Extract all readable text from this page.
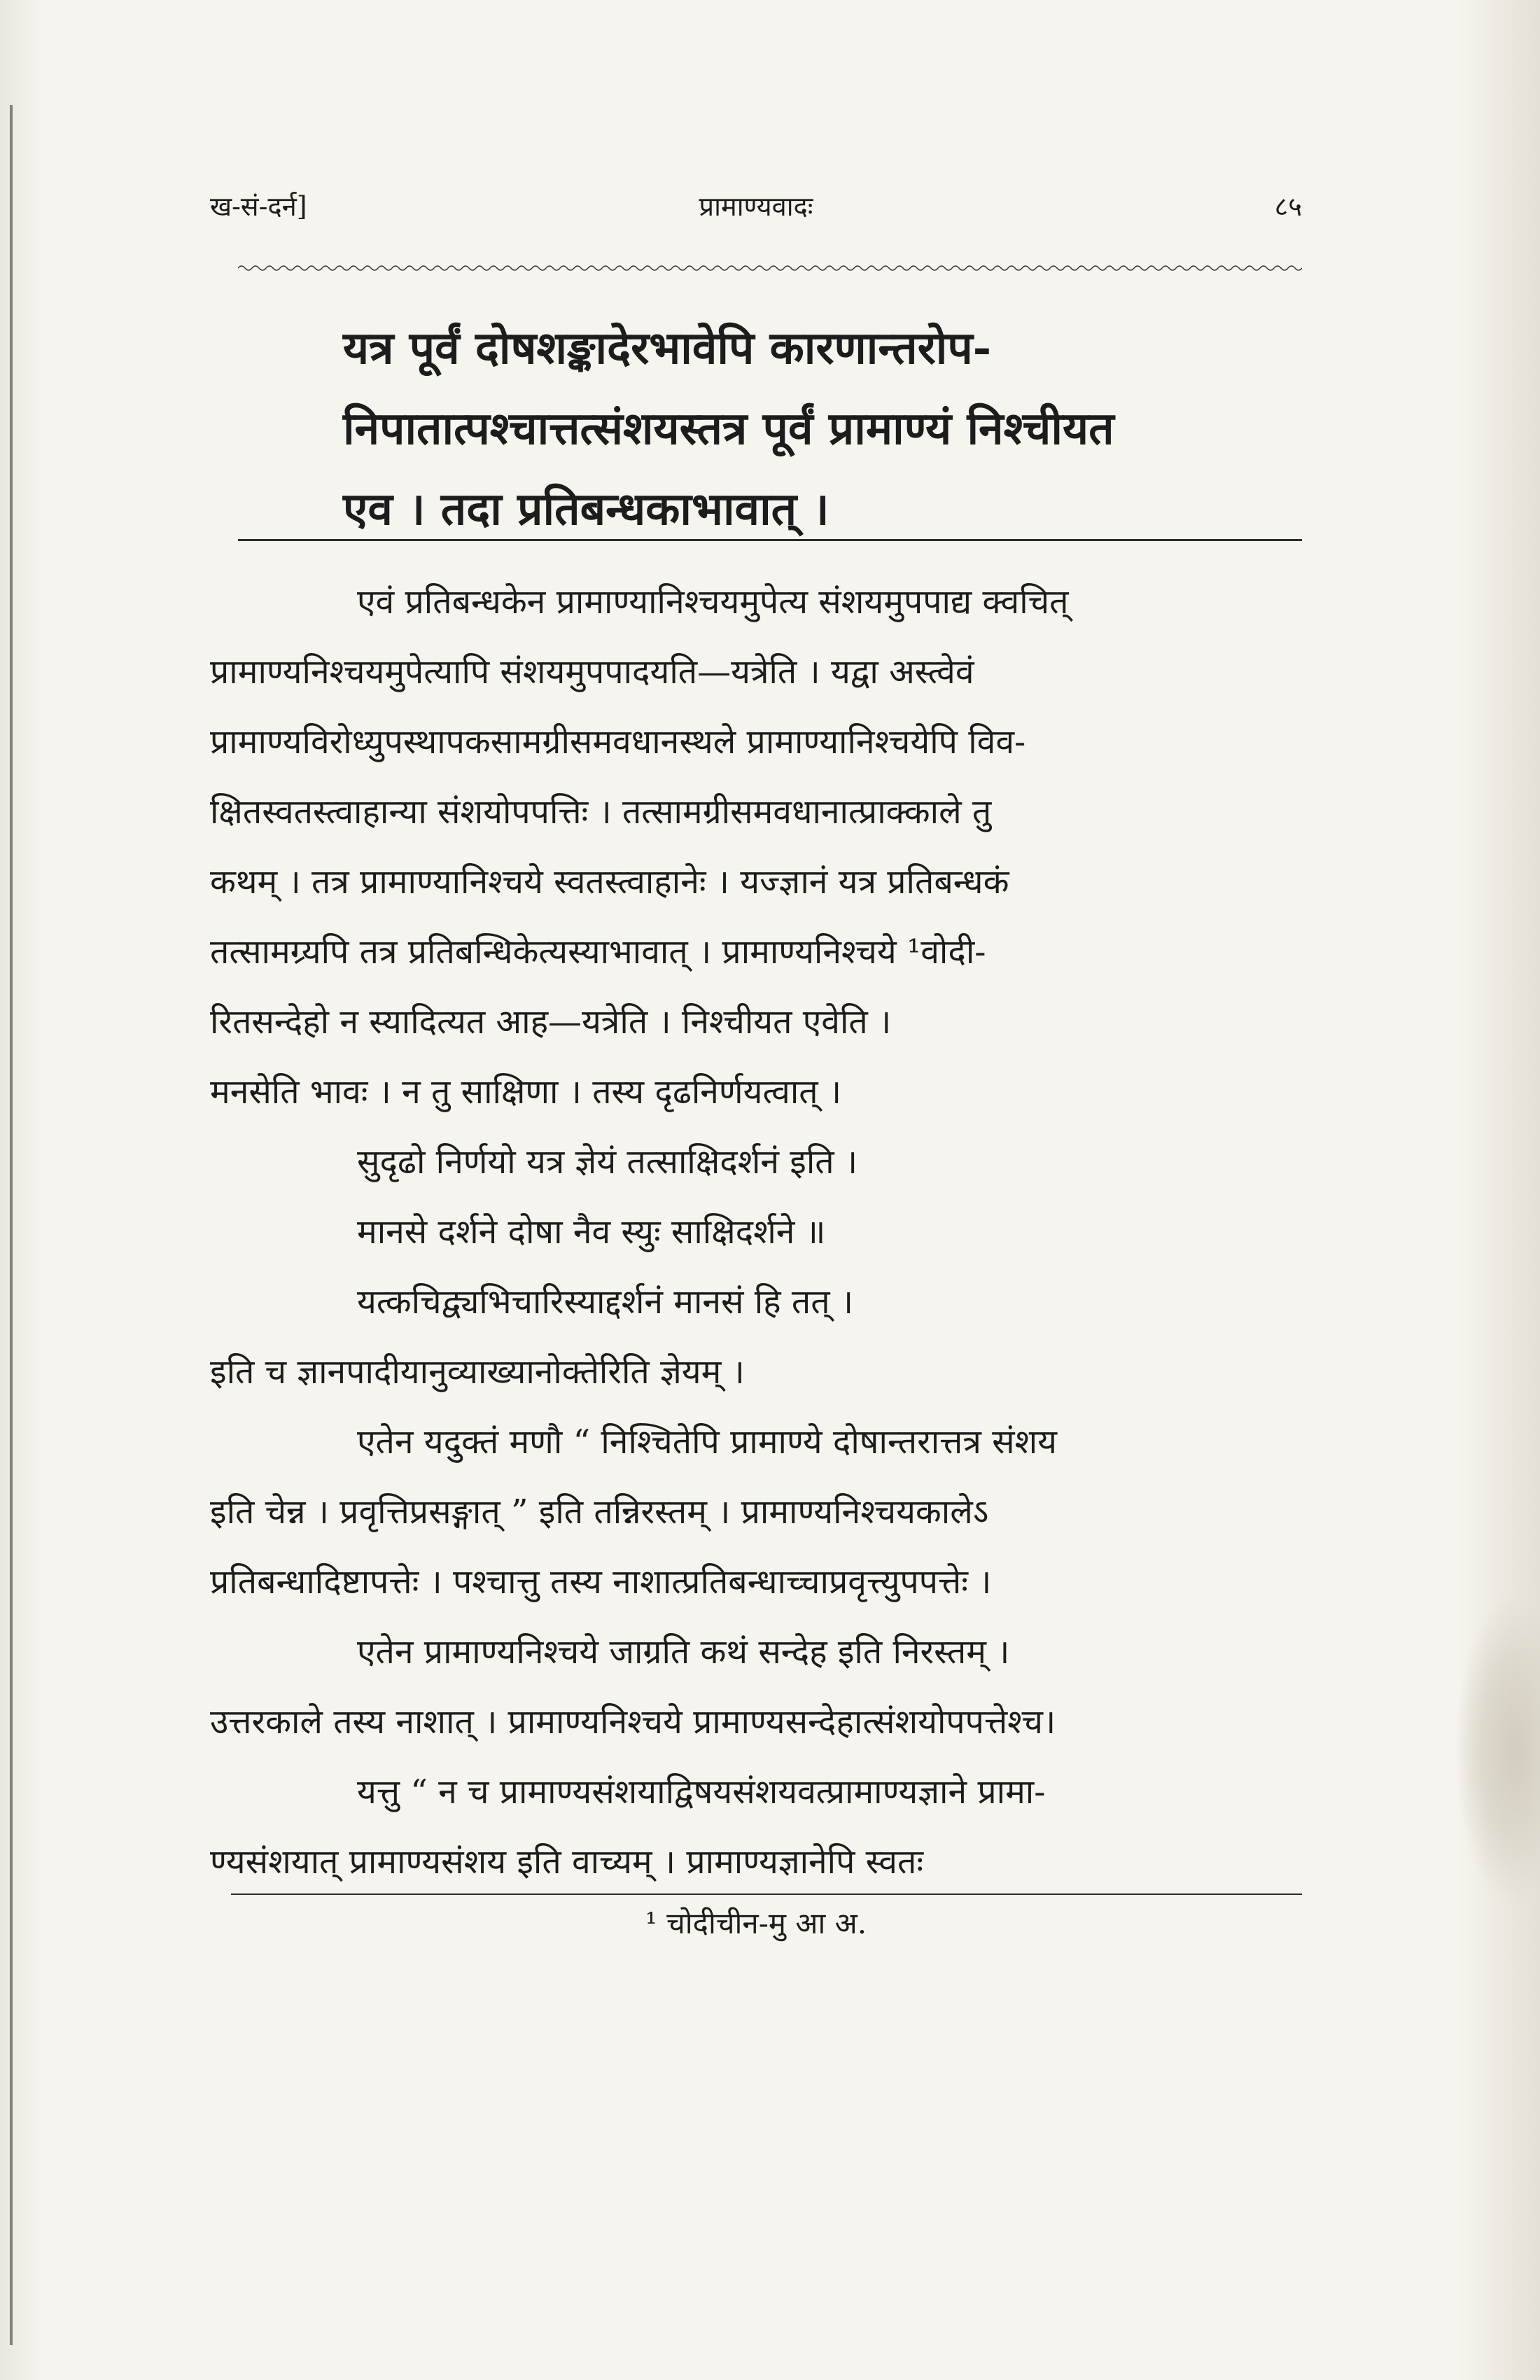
ख-सं-दर्न]	प्रामाण्यवादः	८५

यत्र पूर्वं दोषशङ्कादेरभावेपि कारणान्तरोप-

निपातात्पश्चात्तत्संशयस्तत्र पूर्वं प्रामाण्यं निश्चीयत

एव । तदा प्रतिबन्धकाभावात् ।

एवं प्रतिबन्धकेन प्रामाण्यानिश्चयमुपेत्य संशयमुपपाद्य क्वचित्

प्रामाण्यनिश्चयमुपेत्यापि संशयमुपपादयति—यत्रेति । यद्वा अस्त्वेवं

प्रामाण्यविरोध्युपस्थापकसामग्रीसमवधानस्थले प्रामाण्यानिश्चयेपि विव-

क्षितस्वतस्त्वाहान्या संशयोपपत्तिः । तत्सामग्रीसमवधानात्प्राक्काले तु

कथम् । तत्र प्रामाण्यानिश्चये स्वतस्त्वाहानेः । यज्ज्ञानं यत्र प्रतिबन्धकं

तत्सामग्र्यपि तत्र प्रतिबन्धिकेत्यस्याभावात् । प्रामाण्यनिश्चये ¹वोदी-

रितसन्देहो न स्यादित्यत आह—यत्रेति । निश्चीयत एवेति ।

मनसेति भावः । न तु साक्षिणा । तस्य दृढनिर्णयत्वात् ।

सुदृढो निर्णयो यत्र ज्ञेयं तत्साक्षिदर्शनं इति ।

मानसे दर्शने दोषा नैव स्युः साक्षिदर्शने ॥

यत्कचिद्व्यभिचारिस्याद्दर्शनं मानसं हि तत् ।

इति च ज्ञानपादीयानुव्याख्यानोक्तेरिति ज्ञेयम् ।

एतेन यदुक्तं मणौ “ निश्चितेपि प्रामाण्ये दोषान्तरात्तत्र संशय

इति चेन्न । प्रवृत्तिप्रसङ्गात् ” इति तन्निरस्तम् । प्रामाण्यनिश्चयकालेऽ

प्रतिबन्धादिष्टापत्तेः । पश्चात्तु तस्य नाशात्प्रतिबन्धाच्चाप्रवृत्त्युपपत्तेः ।

एतेन प्रामाण्यनिश्चये जाग्रति कथं सन्देह इति निरस्तम् ।

उत्तरकाले तस्य नाशात् । प्रामाण्यनिश्चये प्रामाण्यसन्देहात्संशयोपपत्तेश्च।

यत्तु “ न च प्रामाण्यसंशयाद्विषयसंशयवत्प्रामाण्यज्ञाने प्रामा-

ण्यसंशयात् प्रामाण्यसंशय इति वाच्यम् । प्रामाण्यज्ञानेपि स्वतः

¹ चोदीचीन-मु आ अ.
